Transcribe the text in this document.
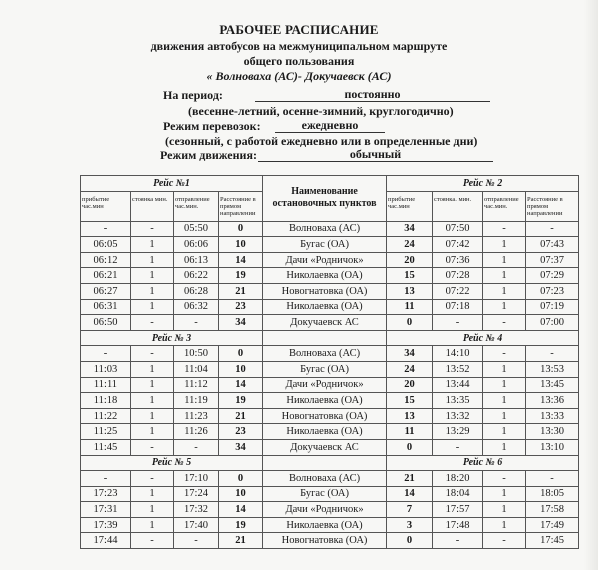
РАБОЧЕЕ РАСПИСАНИЕ
движения автобусов на межмуниципальном маршруте
общего пользования
« Волноваха (АС)- Докучаевск (АС)
На период:	постоянно
(весенне-летний, осенне-зимний, круглогодично)
Режим перевозок:	ежедневно
(сезонный, с работой ежедневно или в определенные дни)
Режим движения:	обычный
Рейс №1				Наименование остановочных пунктов	Рейс № 2			
прибытие час.мин	стоянка мин.	отправление час.мин.	Расстояние в прямом направлении		прибытие час.мин	стоянка. мин.	отправление час.мин.	Расстояние в прямом направлении
-	-	05:50	0	Волноваха (АС)	34	07:50	-	-
06:05	1	06:06	10	Бугас (ОА)	24	07:42	1	07:43
06:12	1	06:13	14	Дачи «Родничок»	20	07:36	1	07:37
06:21	1	06:22	19	Николаевка (ОА)	15	07:28	1	07:29
06:27	1	06:28	21	Новогнатовка (ОА)	13	07:22	1	07:23
06:31	1	06:32	23	Николаевка (ОА)	11	07:18	1	07:19
06:50	-	-	34	Докучаевск АС	0	-	-	07:00
Рейс № 3					Рейс № 4			
-	-	10:50	0	Волноваха (АС)	34	14:10	-	-
11:03	1	11:04	10	Бугас (ОА)	24	13:52	1	13:53
11:11	1	11:12	14	Дачи «Родничок»	20	13:44	1	13:45
11:18	1	11:19	19	Николаевка (ОА)	15	13:35	1	13:36
11:22	1	11:23	21	Новогнатовка (ОА)	13	13:32	1	13:33
11:25	1	11:26	23	Николаевка (ОА)	11	13:29	1	13:30
11:45	-	-	34	Докучаевск АС	0	-	1	13:10
Рейс № 5					Рейс № 6			
-	-	17:10	0	Волноваха (АС)	21	18:20	-	-
17:23	1	17:24	10	Бугас (ОА)	14	18:04	1	18:05
17:31	1	17:32	14	Дачи «Родничок»	7	17:57	1	17:58
17:39	1	17:40	19	Николаевка (ОА)	3	17:48	1	17:49
17:44	-	-	21	Новогнатовка (ОА)	0	-	-	17:45
